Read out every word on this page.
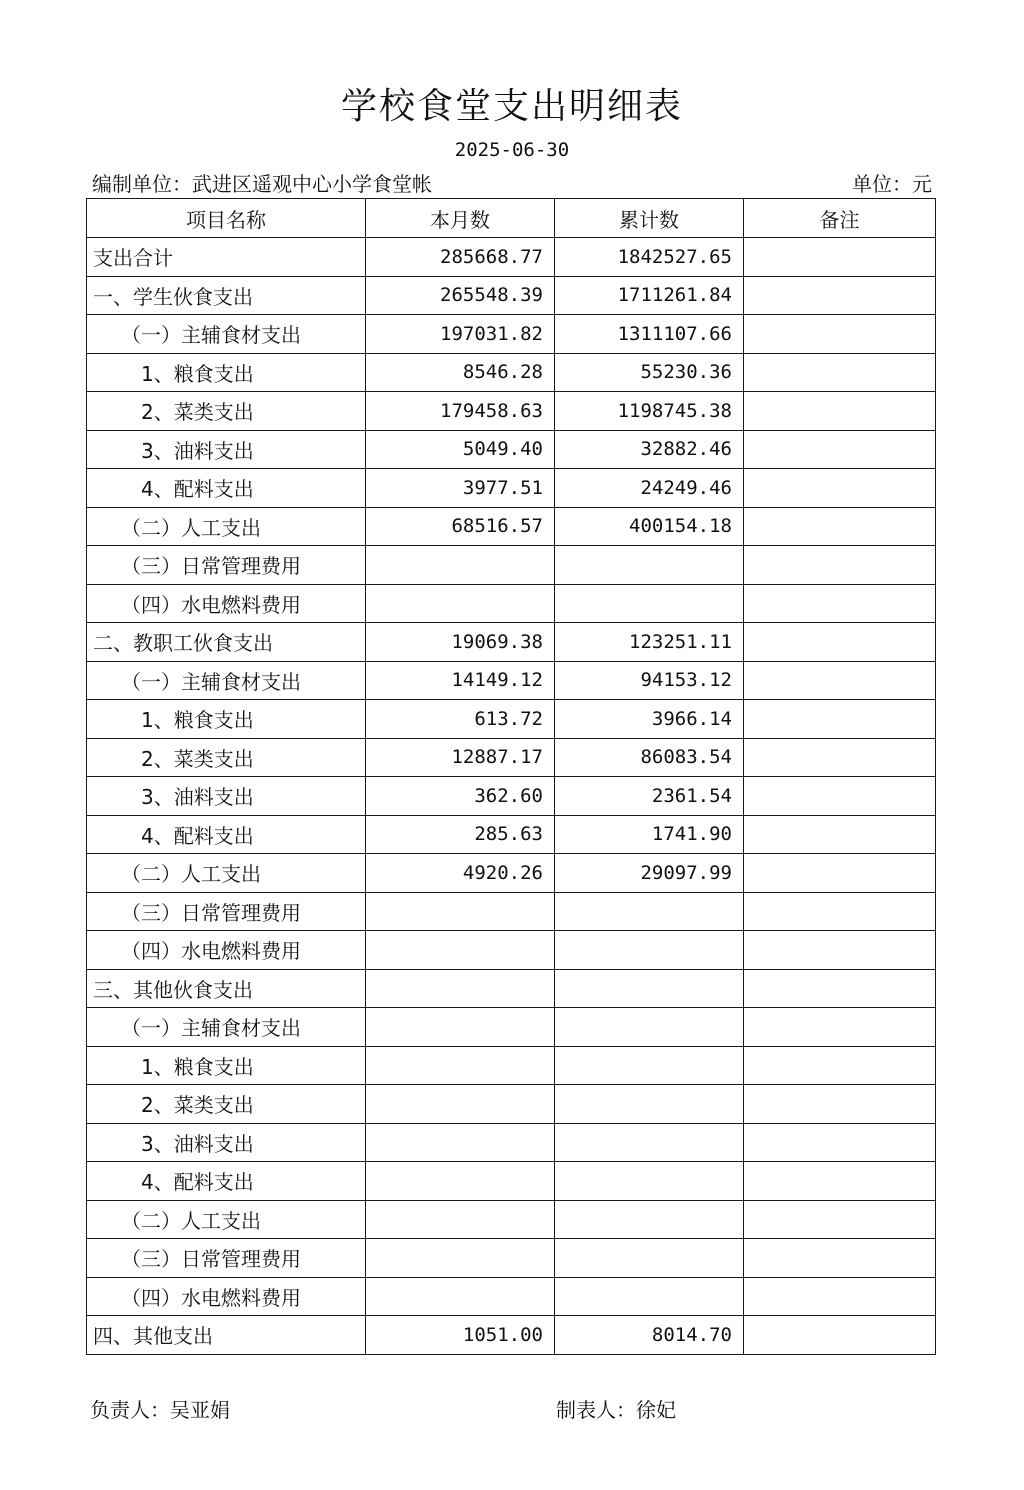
学校食堂支出明细表
2025-06-30
编制单位：武进区遥观中心小学食堂帐	单位：元
项目名称	本月数	累计数	备注
支出合计	285668.77	1842527.65	
一、学生伙食支出	265548.39	1711261.84	
（一）主辅食材支出	197031.82	1311107.66	
1、粮食支出	8546.28	55230.36	
2、菜类支出	179458.63	1198745.38	
3、油料支出	5049.40	32882.46	
4、配料支出	3977.51	24249.46	
（二）人工支出	68516.57	400154.18	
（三）日常管理费用			
（四）水电燃料费用			
二、教职工伙食支出	19069.38	123251.11	
（一）主辅食材支出	14149.12	94153.12	
1、粮食支出	613.72	3966.14	
2、菜类支出	12887.17	86083.54	
3、油料支出	362.60	2361.54	
4、配料支出	285.63	1741.90	
（二）人工支出	4920.26	29097.99	
（三）日常管理费用			
（四）水电燃料费用			
三、其他伙食支出			
（一）主辅食材支出			
1、粮食支出			
2、菜类支出			
3、油料支出			
4、配料支出			
（二）人工支出			
（三）日常管理费用			
（四）水电燃料费用			
四、其他支出	1051.00	8014.70	
负责人：吴亚娟	制表人：徐妃
